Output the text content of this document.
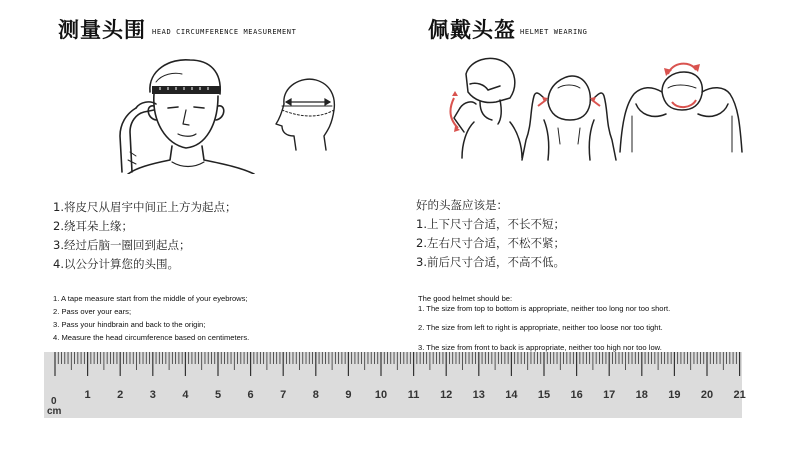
测量头围 HEAD CIRCUMFERENCE MEASUREMENT	佩戴头盔 HELMET WEARING
1.将皮尺从眉宇中间正上方为起点；
2.绕耳朵上缘；
3.经过后脑一圈回到起点；
4.以公分计算您的头围。
好的头盔应该是：
1.上下尺寸合适，不长不短；
2.左右尺寸合适，不松不紧；
3.前后尺寸合适，不高不低。
1. A tape measure start from the middle of your eyebrows;
2. Pass over your ears;
3. Pass your hindbrain and back to the origin;
4. Measure the head circumference based on centimeters.
The good helmet should be:
1. The size from top to bottom is appropriate, neither too long nor too short.
2. The size from left to right is appropriate, neither too loose nor too tight.
3. The size from front to back is appropriate, neither too high nor too low.
1 2 3 4 5 6 7 8 9 10 11 12 13 14 15 16 17 18 19 20 21
0
cm
